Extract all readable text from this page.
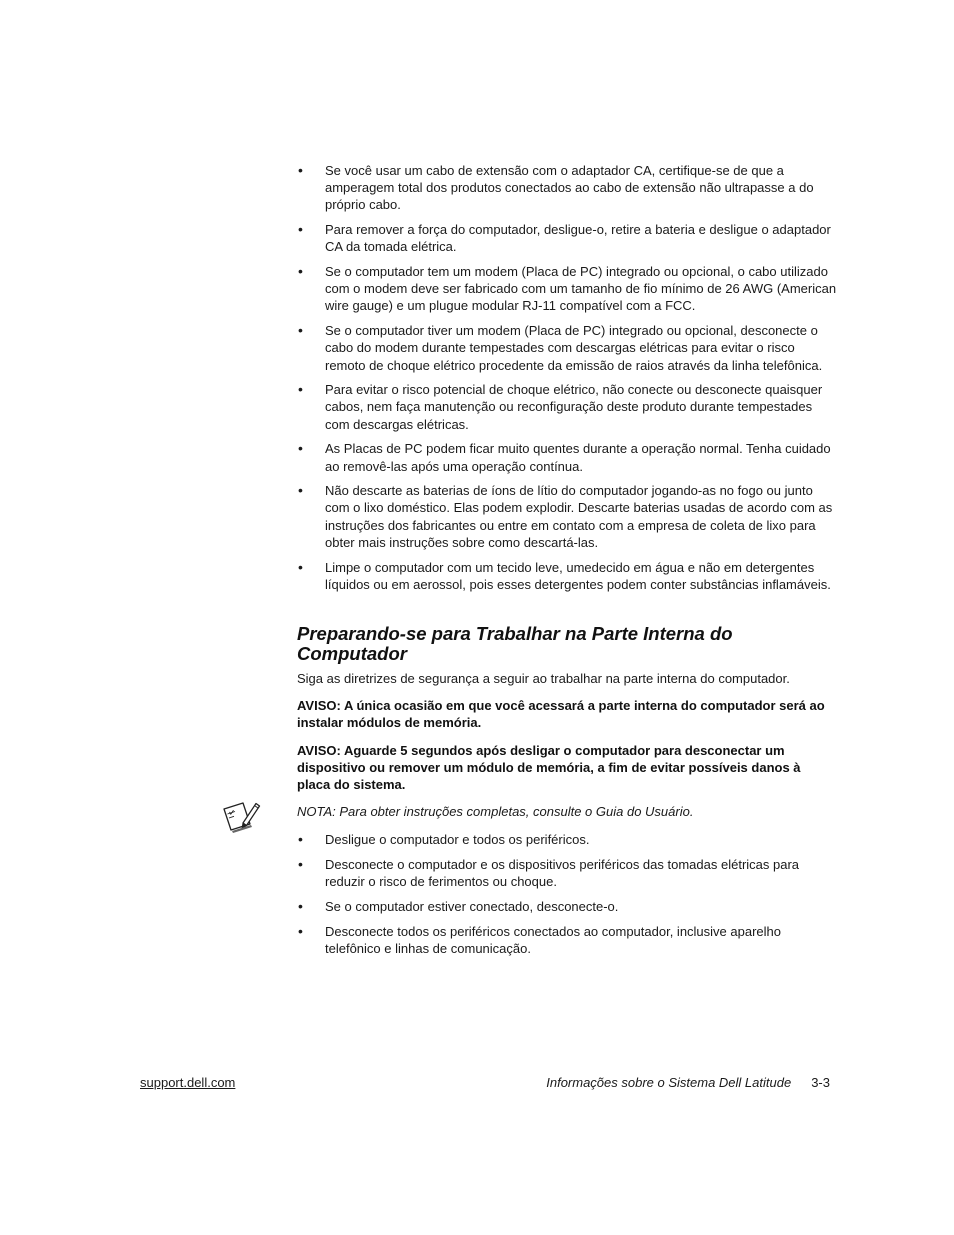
• Se você usar um cabo de extensão com o adaptador CA, certifique-se de que a amperagem total dos produtos conectados ao cabo de extensão não ultrapasse a do próprio cabo.
• Para remover a força do computador, desligue-o, retire a bateria e desligue o adaptador CA da tomada elétrica.
• Se o computador tem um modem (Placa de PC) integrado ou opcional, o cabo utilizado com o modem deve ser fabricado com um tamanho de fio mínimo de 26 AWG (American wire gauge) e um plugue modular RJ-11 compatível com a FCC.
• Se o computador tiver um modem (Placa de PC) integrado ou opcional, desconecte o cabo do modem durante tempestades com descargas elétricas para evitar o risco remoto de choque elétrico procedente da emissão de raios através da linha telefônica.
• Para evitar o risco potencial de choque elétrico, não conecte ou desconecte quaisquer cabos, nem faça manutenção ou reconfiguração deste produto durante tempestades com descargas elétricas.
• As Placas de PC podem ficar muito quentes durante a operação normal. Tenha cuidado ao removê-las após uma operação contínua.
• Não descarte as baterias de íons de lítio do computador jogando-as no fogo ou junto com o lixo doméstico. Elas podem explodir. Descarte baterias usadas de acordo com as instruções dos fabricantes ou entre em contato com a empresa de coleta de lixo para obter mais instruções sobre como descartá-las.
• Limpe o computador com um tecido leve, umedecido em água e não em detergentes líquidos ou em aerossol, pois esses detergentes podem conter substâncias inflamáveis.
Preparando-se para Trabalhar na Parte Interna do Computador

Siga as diretrizes de segurança a seguir ao trabalhar na parte interna do computador.

AVISO: A única ocasião em que você acessará a parte interna do computador será ao instalar módulos de memória.

AVISO: Aguarde 5 segundos após desligar o computador para desconectar um dispositivo ou remover um módulo de memória, a fim de evitar possíveis danos à placa do sistema.

NOTA: Para obter instruções completas, consulte o Guia do Usuário.

• Desligue o computador e todos os periféricos.
• Desconecte o computador e os dispositivos periféricos das tomadas elétricas para reduzir o risco de ferimentos ou choque.
• Se o computador estiver conectado, desconecte-o.
• Desconecte todos os periféricos conectados ao computador, inclusive aparelho telefônico e linhas de comunicação.
support.dell.com	Informações sobre o Sistema Dell Latitude 3-3
